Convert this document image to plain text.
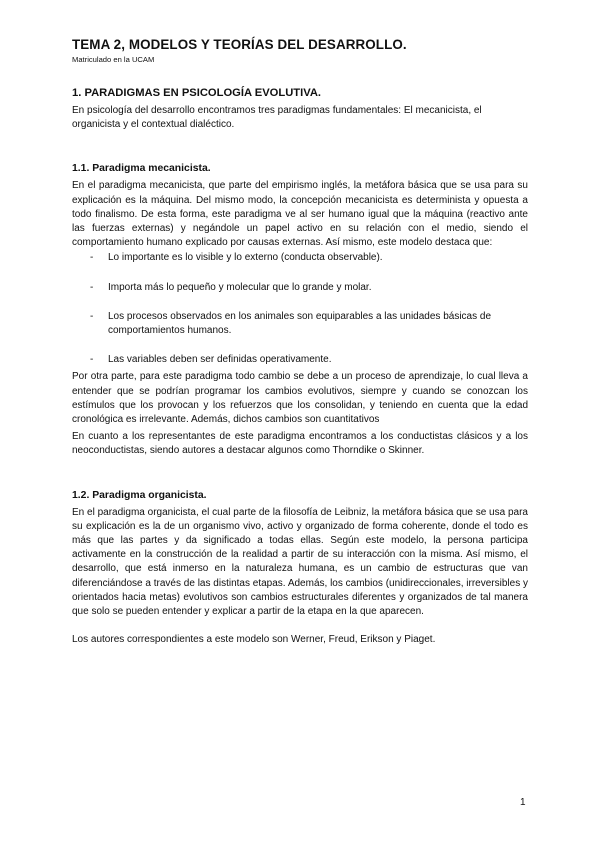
TEMA 2, MODELOS Y TEORÍAS DEL DESARROLLO.
Matriculado en la UCAM
1. PARADIGMAS EN PSICOLOGÍA EVOLUTIVA.

En psicología del desarrollo encontramos tres paradigmas fundamentales: El mecanicista, el organicista y el contextual dialéctico.

1.1. Paradigma mecanicista.

En el paradigma mecanicista, que parte del empirismo inglés, la metáfora básica que se usa para su explicación es la máquina. Del mismo modo, la concepción mecanicista es determinista y opuesta a todo finalismo. De esta forma, este paradigma ve al ser humano igual que la máquina (reactivo ante las fuerzas externas) y negándole un papel activo en su relación con el medio, siendo el comportamiento humano explicado por causas externas. Así mismo, este modelo destaca que:

- Lo importante es lo visible y lo externo (conducta observable).
- Importa más lo pequeño y molecular que lo grande y molar.
- Los procesos observados en los animales son equiparables a las unidades básicas de comportamientos humanos.
- Las variables deben ser definidas operativamente.

Por otra parte, para este paradigma todo cambio se debe a un proceso de aprendizaje, lo cual lleva a entender que se podrían programar los cambios evolutivos, siempre y cuando se conozcan los estímulos que los provocan y los refuerzos que los consolidan, y teniendo en cuenta que la edad cronológica es irrelevante. Además, dichos cambios son cuantitativos

En cuanto a los representantes de este paradigma encontramos a los conductistas clásicos y a los neoconductistas, siendo autores a destacar algunos como Thorndike o Skinner.

1.2. Paradigma organicista.

En el paradigma organicista, el cual parte de la filosofía de Leibniz, la metáfora básica que se usa para su explicación es la de un organismo vivo, activo y organizado de forma coherente, donde el todo es más que las partes y da significado a todas ellas. Según este modelo, la persona participa activamente en la construcción de la realidad a partir de su interacción con la misma. Así mismo, el desarrollo, que está inmerso en la naturaleza humana, es un cambio de estructuras que van diferenciándose a través de las distintas etapas. Además, los cambios (unidireccionales, irreversibles y orientados hacia metas) evolutivos son cambios estructurales diferentes y organizados de tal manera que solo se pueden entender y explicar a partir de la etapa en la que aparecen.

Los autores correspondientes a este modelo son Werner, Freud, Erikson y Piaget.

1
